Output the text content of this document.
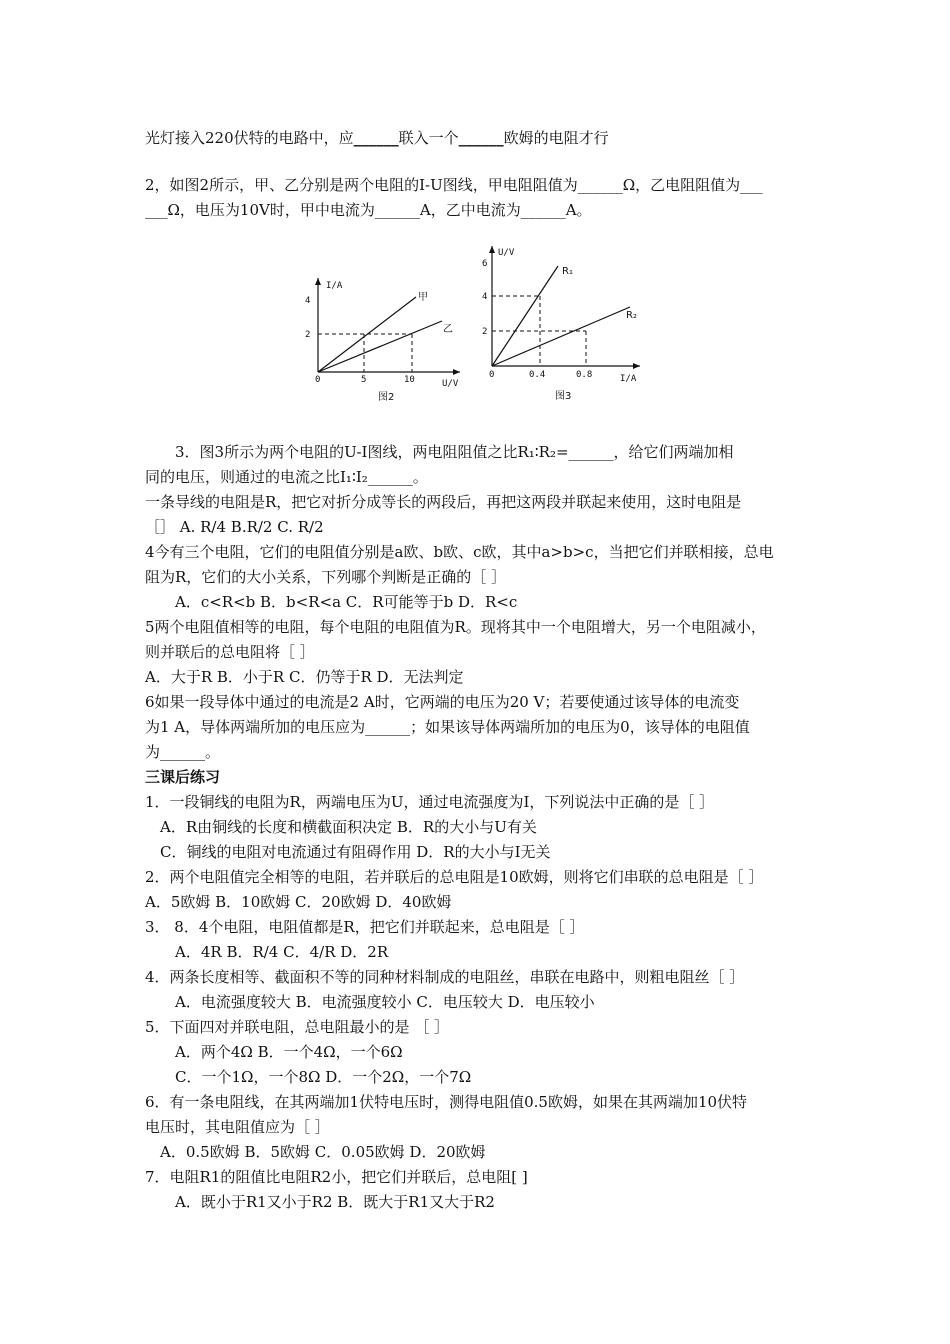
光灯接入220伏特的电路中，应______联入一个______欧姆的电阻才行
2，如图2所示，甲、乙分别是两个电阻的I-U图线，甲电阻阻值为______Ω，乙电阻阻值为___
___Ω，电压为10V时，甲中电流为______A，乙中电流为______A。
I/A
U/V
0
4
2
5	10
甲
乙
图2
U/V
I/A
0
6
4
2
0.4	0.8
R₁
R₂
图3
3．图3所示为两个电阻的U-I图线，两电阻阻值之比R₁∶R₂=______，给它们两端加相
同的电压，则通过的电流之比I₁∶I₂______。
一条导线的电阻是R，把它对折分成等长的两段后，再把这两段并联起来使用，这时电阻是
［］ A. R/4 B.R/2 C. R/2
4今有三个电阻，它们的电阻值分别是a欧、b欧、c欧，其中a>b>c，当把它们并联相接，总电
阻为R，它们的大小关系，下列哪个判断是正确的［ ］
A．c<R<b B．b<R<a C．R可能等于b D．R<c
5两个电阻值相等的电阻，每个电阻的电阻值为R。现将其中一个电阻增大，另一个电阻减小，
则并联后的总电阻将［ ］
A．大于R B．小于R C．仍等于R D．无法判定
6如果一段导体中通过的电流是2 A时，它两端的电压为20 V；若要使通过该导体的电流变
为1 A，导体两端所加的电压应为______；如果该导体两端所加的电压为0，该导体的电阻值
为______。
三课后练习
1．一段铜线的电阻为R，两端电压为U，通过电流强度为I，下列说法中正确的是［ ］
A．R由铜线的长度和横截面积决定 B．R的大小与U有关
C．铜线的电阻对电流通过有阻碍作用 D．R的大小与I无关
2．两个电阻值完全相等的电阻，若并联后的总电阻是10欧姆，则将它们串联的总电阻是［ ］
A．5欧姆 B．10欧姆 C．20欧姆 D．40欧姆
3． 8．4个电阻，电阻值都是R，把它们并联起来，总电阻是［ ］
A．4R B．R/4 C．4/R D．2R
4．两条长度相等、截面积不等的同种材料制成的电阻丝，串联在电路中，则粗电阻丝［ ］
A．电流强度较大 B．电流强度较小 C．电压较大 D．电压较小
5．下面四对并联电阻，总电阻最小的是 ［ ］
A．两个4Ω B．一个4Ω，一个6Ω
C．一个1Ω，一个8Ω D．一个2Ω，一个7Ω
6．有一条电阻线，在其两端加1伏特电压时，测得电阻值0.5欧姆，如果在其两端加10伏特
电压时，其电阻值应为［ ］
A．0.5欧姆 B．5欧姆 C．0.05欧姆 D．20欧姆
7．电阻R1的阻值比电阻R2小，把它们并联后，总电阻[ ]
A．既小于R1又小于R2 B．既大于R1又大于R2
